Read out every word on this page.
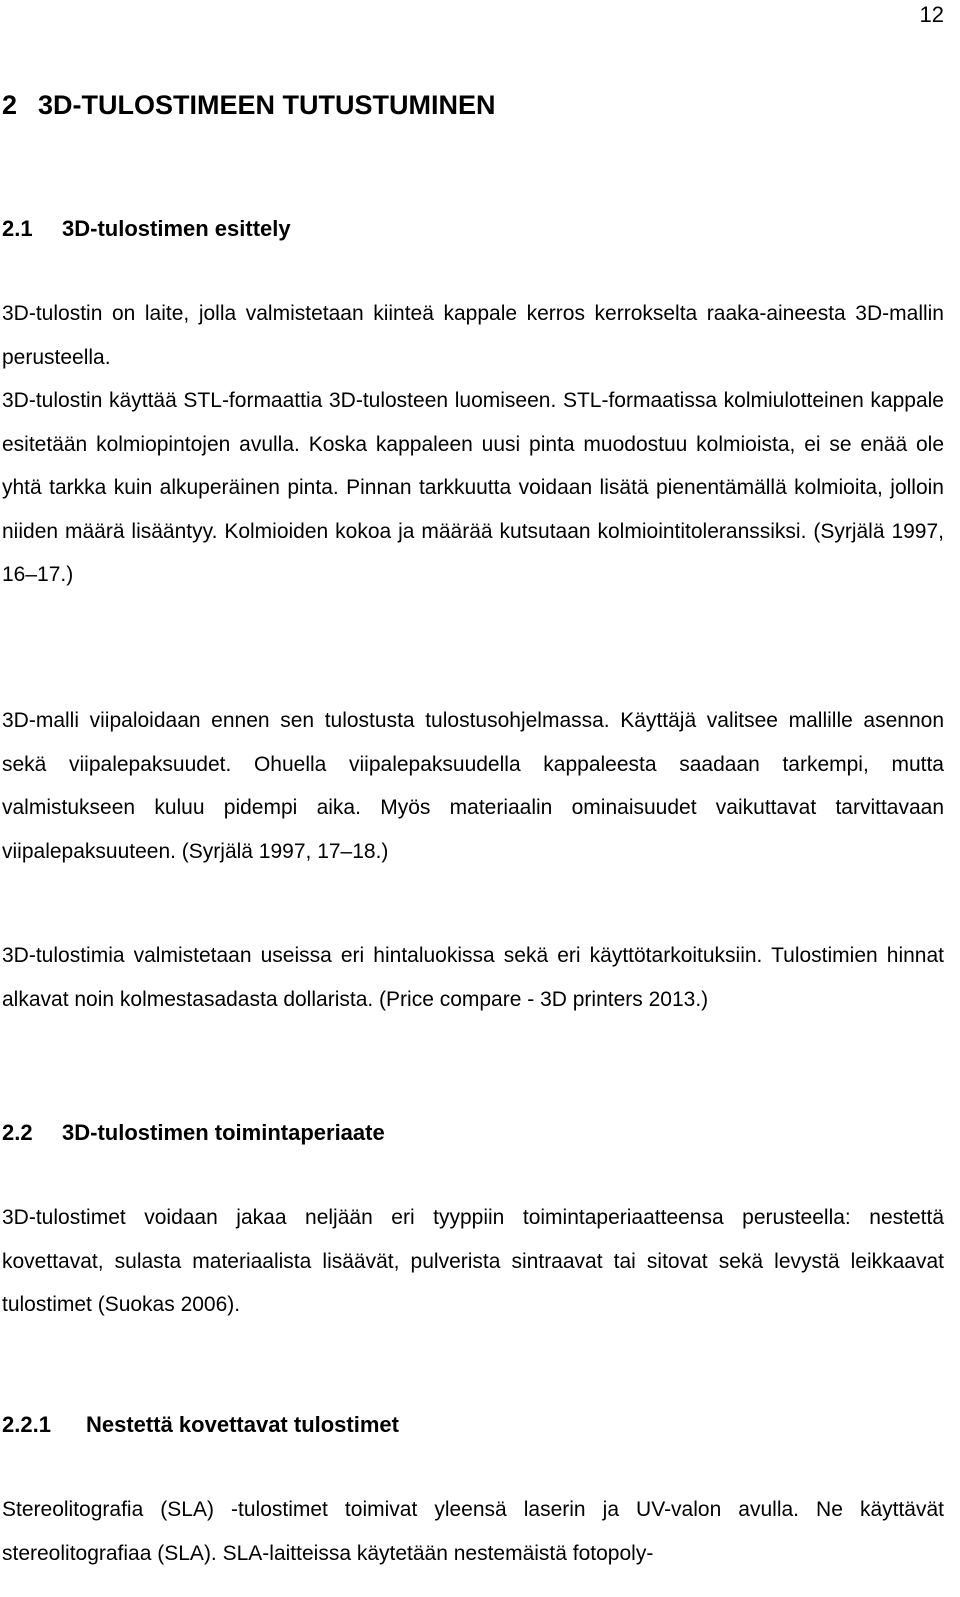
12
2 3D-TULOSTIMEEN TUTUSTUMINEN
2.1 3D-tulostimen esittely

3D-tulostin on laite, jolla valmistetaan kiinteä kappale kerros kerrokselta raaka-aineesta 3D-mallin perusteella.

3D-tulostin käyttää STL-formaattia 3D-tulosteen luomiseen. STL-formaatissa kolmiulotteinen kappale esitetään kolmiopintojen avulla. Koska kappaleen uusi pinta muodostuu kolmioista, ei se enää ole yhtä tarkka kuin alkuperäinen pinta. Pinnan tarkkuutta voidaan lisätä pienentämällä kolmioita, jolloin niiden määrä lisääntyy. Kolmioiden kokoa ja määrää kutsutaan kolmiointitoleranssiksi. (Syrjälä 1997, 16–17.)

3D-malli viipaloidaan ennen sen tulostusta tulostusohjelmassa. Käyttäjä valitsee mallille asennon sekä viipalepaksuudet. Ohuella viipalepaksuudella kappaleesta saadaan tarkempi, mutta valmistukseen kuluu pidempi aika. Myös materiaalin ominaisuudet vaikuttavat tarvittavaan viipalepaksuuteen. (Syrjälä 1997, 17–18.)

3D-tulostimia valmistetaan useissa eri hintaluokissa sekä eri käyttötarkoituksiin. Tulostimien hinnat alkavat noin kolmestasadasta dollarista. (Price compare - 3D printers 2013.)

2.2 3D-tulostimen toimintaperiaate

3D-tulostimet voidaan jakaa neljään eri tyyppiin toimintaperiaatteensa perusteella: nestettä kovettavat, sulasta materiaalista lisäävät, pulverista sintraavat tai sitovat sekä levystä leikkaavat tulostimet (Suokas 2006).

2.2.1 Nestettä kovettavat tulostimet

Stereolitografia (SLA) -tulostimet toimivat yleensä laserin ja UV-valon avulla. Ne käyttävät stereolitografiaa (SLA). SLA-laitteissa käytetään nestemäistä fotopoly-
